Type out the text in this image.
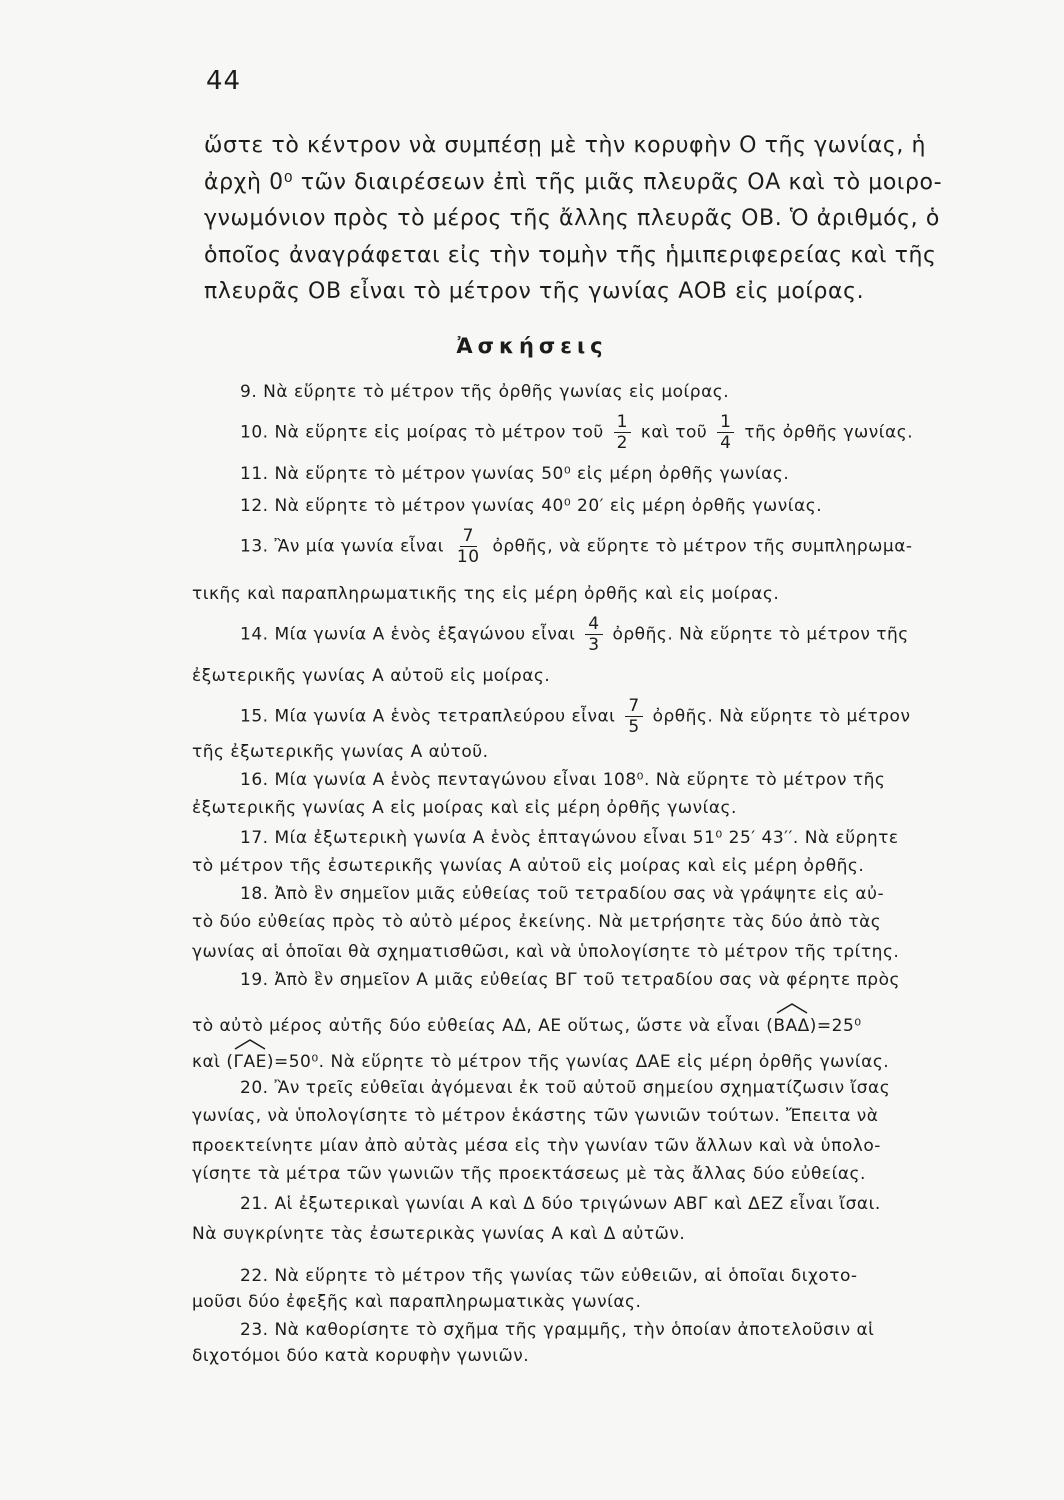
44
ὥστε τὸ κέντρον νὰ συμπέσῃ μὲ τὴν κορυφὴν Ο τῆς γωνίας, ἡ
ἀρχὴ 0⁰ τῶν διαιρέσεων ἐπὶ τῆς μιᾶς πλευρᾶς ΟΑ καὶ τὸ μοιρο-
γνωμόνιον πρὸς τὸ μέρος τῆς ἄλλης πλευρᾶς ΟΒ. Ὁ ἀριθμός, ὁ
ὁποῖος ἀναγράφεται εἰς τὴν τομὴν τῆς ἡμιπεριφερείας καὶ τῆς
πλευρᾶς ΟΒ εἶναι τὸ μέτρον τῆς γωνίας ΑΟΒ εἰς μοίρας.
Ἀσκήσεις
9. Νὰ εὕρητε τὸ μέτρον τῆς ὀρθῆς γωνίας εἰς μοίρας.
10. Νὰ εὕρητε εἰς μοίρας τὸ μέτρον τοῦ $\frac{1}{2}$ καὶ τοῦ $\frac{1}{4}$ τῆς ὀρθῆς γωνίας.
11. Νὰ εὕρητε τὸ μέτρον γωνίας 50⁰ εἰς μέρη ὀρθῆς γωνίας.
12. Νὰ εὕρητε τὸ μέτρον γωνίας 40⁰ 20′ εἰς μέρη ὀρθῆς γωνίας.
13. Ἂν μία γωνία εἶναι $\frac{7}{10}$ ὀρθῆς, νὰ εὕρητε τὸ μέτρον τῆς συμπληρωμα-
τικῆς καὶ παραπληρωματικῆς της εἰς μέρη ὀρθῆς καὶ εἰς μοίρας.
14. Μία γωνία Α ἑνὸς ἑξαγώνου εἶναι $\frac{4}{3}$ ὀρθῆς. Νὰ εὕρητε τὸ μέτρον τῆς
ἐξωτερικῆς γωνίας Α αὐτοῦ εἰς μοίρας.
15. Μία γωνία Α ἑνὸς τετραπλεύρου εἶναι $\frac{7}{5}$ ὀρθῆς. Νὰ εὕρητε τὸ μέτρον
τῆς ἐξωτερικῆς γωνίας Α αὐτοῦ.
16. Μία γωνία Α ἑνὸς πενταγώνου εἶναι 108⁰. Νὰ εὕρητε τὸ μέτρον τῆς
ἐξωτερικῆς γωνίας Α εἰς μοίρας καὶ εἰς μέρη ὀρθῆς γωνίας.
17. Μία ἐξωτερικὴ γωνία Α ἑνὸς ἑπταγώνου εἶναι 51⁰ 25′ 43′′. Νὰ εὕρητε
τὸ μέτρον τῆς ἐσωτερικῆς γωνίας Α αὐτοῦ εἰς μοίρας καὶ εἰς μέρη ὀρθῆς.
18. Ἀπὸ ἓν σημεῖον μιᾶς εὐθείας τοῦ τετραδίου σας νὰ γράψητε εἰς αὐ-
τὸ δύο εὐθείας πρὸς τὸ αὐτὸ μέρος ἐκείνης. Νὰ μετρήσητε τὰς δύο ἀπὸ τὰς
γωνίας αἱ ὁποῖαι θὰ σχηματισθῶσι, καὶ νὰ ὑπολογίσητε τὸ μέτρον τῆς τρίτης.
19. Ἀπὸ ἓν σημεῖον Α μιᾶς εὐθείας ΒΓ τοῦ τετραδίου σας νὰ φέρητε πρὸς
τὸ αὐτὸ μέρος αὐτῆς δύο εὐθείας ΑΔ, ΑΕ οὕτως, ὥστε νὰ εἶναι (
ΒΑΔ)=25⁰
καὶ (
ΓΑΕ)=50⁰. Νὰ εὕρητε τὸ μέτρον τῆς γωνίας ΔΑΕ εἰς μέρη ὀρθῆς γωνίας.
20. Ἂν τρεῖς εὐθεῖαι ἀγόμεναι ἐκ τοῦ αὐτοῦ σημείου σχηματίζωσιν ἴσας
γωνίας, νὰ ὑπολογίσητε τὸ μέτρον ἑκάστης τῶν γωνιῶν τούτων. Ἔπειτα νὰ
προεκτείνητε μίαν ἀπὸ αὐτὰς μέσα εἰς τὴν γωνίαν τῶν ἄλλων καὶ νὰ ὑπολο-
γίσητε τὰ μέτρα τῶν γωνιῶν τῆς προεκτάσεως μὲ τὰς ἄλλας δύο εὐθείας.
21. Αἱ ἐξωτερικαὶ γωνίαι Α καὶ Δ δύο τριγώνων ΑΒΓ καὶ ΔΕΖ εἶναι ἴσαι.
Νὰ συγκρίνητε τὰς ἐσωτερικὰς γωνίας Α καὶ Δ αὐτῶν.
22. Νὰ εὕρητε τὸ μέτρον τῆς γωνίας τῶν εὐθειῶν, αἱ ὁποῖαι διχοτο-
μοῦσι δύο ἐφεξῆς καὶ παραπληρωματικὰς γωνίας.
23. Νὰ καθορίσητε τὸ σχῆμα τῆς γραμμῆς, τὴν ὁποίαν ἀποτελοῦσιν αἱ
διχοτόμοι δύο κατὰ κορυφὴν γωνιῶν.
